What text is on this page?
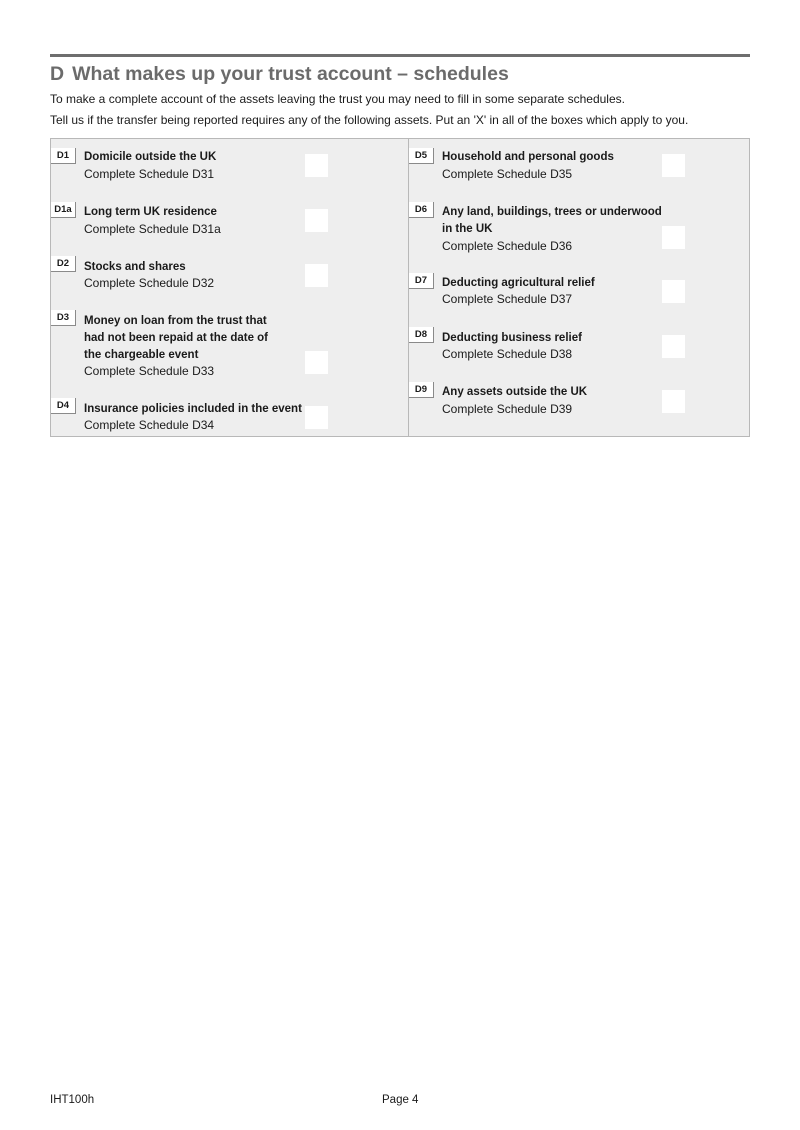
D What makes up your trust account – schedules
To make a complete account of the assets leaving the trust you may need to fill in some separate schedules.
Tell us if the transfer being reported requires any of the following assets. Put an 'X' in all of the boxes which apply to you.
D1	Domicile outside the UK
Complete Schedule D31
D1a	Long term UK residence
Complete Schedule D31a
D2	Stocks and shares
Complete Schedule D32
D3	Money on loan from the trust that had not been repaid at the date of the chargeable event
Complete Schedule D33
D4	Insurance policies included in the event
Complete Schedule D34
D5	Household and personal goods
Complete Schedule D35
D6	Any land, buildings, trees or underwood in the UK
Complete Schedule D36
D7	Deducting agricultural relief
Complete Schedule D37
D8	Deducting business relief
Complete Schedule D38
D9	Any assets outside the UK
Complete Schedule D39
IHT100h	Page 4
